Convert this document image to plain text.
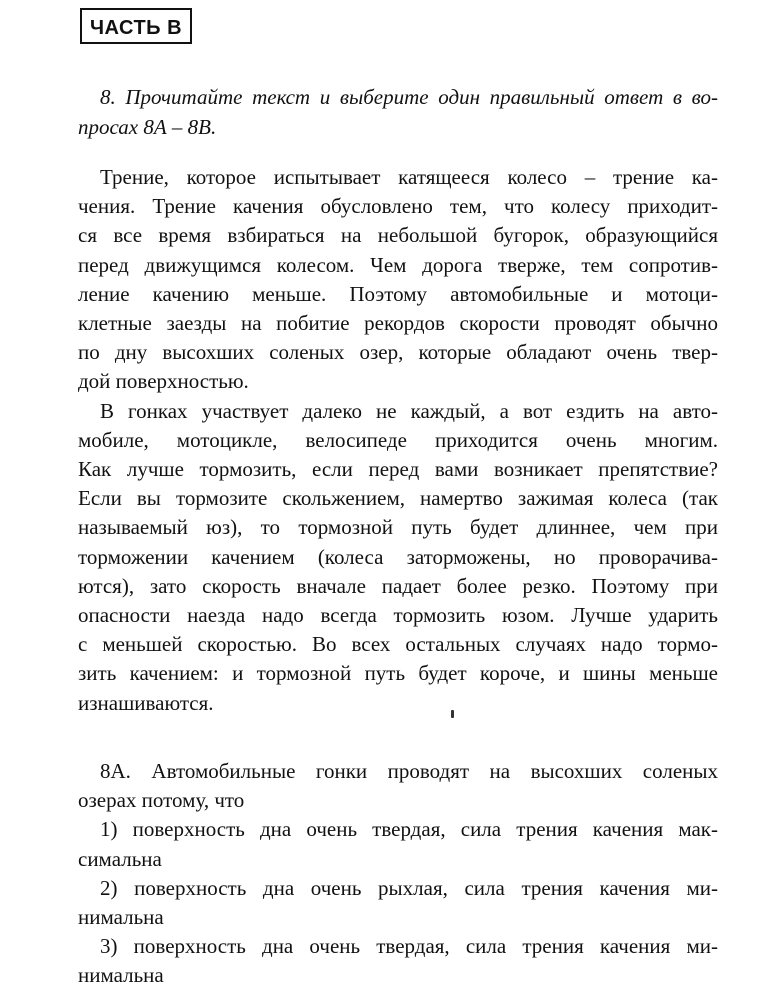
ЧАСТЬ В
8. Прочитайте текст и выберите один правильный ответ в во-
просах 8А – 8В.
Трение, которое испытывает катящееся колесо – трение ка-
чения. Трение качения обусловлено тем, что колесу приходит-
ся все время взбираться на небольшой бугорок, образующийся
перед движущимся колесом. Чем дорога тверже, тем сопротив-
ление качению меньше. Поэтому автомобильные и мотоци-
клетные заезды на побитие рекордов скорости проводят обычно
по дну высохших соленых озер, которые обладают очень твер-
дой поверхностью.
В гонках участвует далеко не каждый, а вот ездить на авто-
мобиле, мотоцикле, велосипеде приходится очень многим.
Как лучше тормозить, если перед вами возникает препятствие?
Если вы тормозите скольжением, намертво зажимая колеса (так
называемый юз), то тормозной путь будет длиннее, чем при
торможении качением (колеса заторможены, но проворачива-
ются), зато скорость вначале падает более резко. Поэтому при
опасности наезда надо всегда тормозить юзом. Лучше ударить
с меньшей скоростью. Во всех остальных случаях надо тормо-
зить качением: и тормозной путь будет короче, и шины меньше
изнашиваются.
8А. Автомобильные гонки проводят на высохших соленых
озерах потому, что
1) поверхность дна очень твердая, сила трения качения мак-
симальна
2) поверхность дна очень рыхлая, сила трения качения ми-
нимальна
3) поверхность дна очень твердая, сила трения качения ми-
нимальна
